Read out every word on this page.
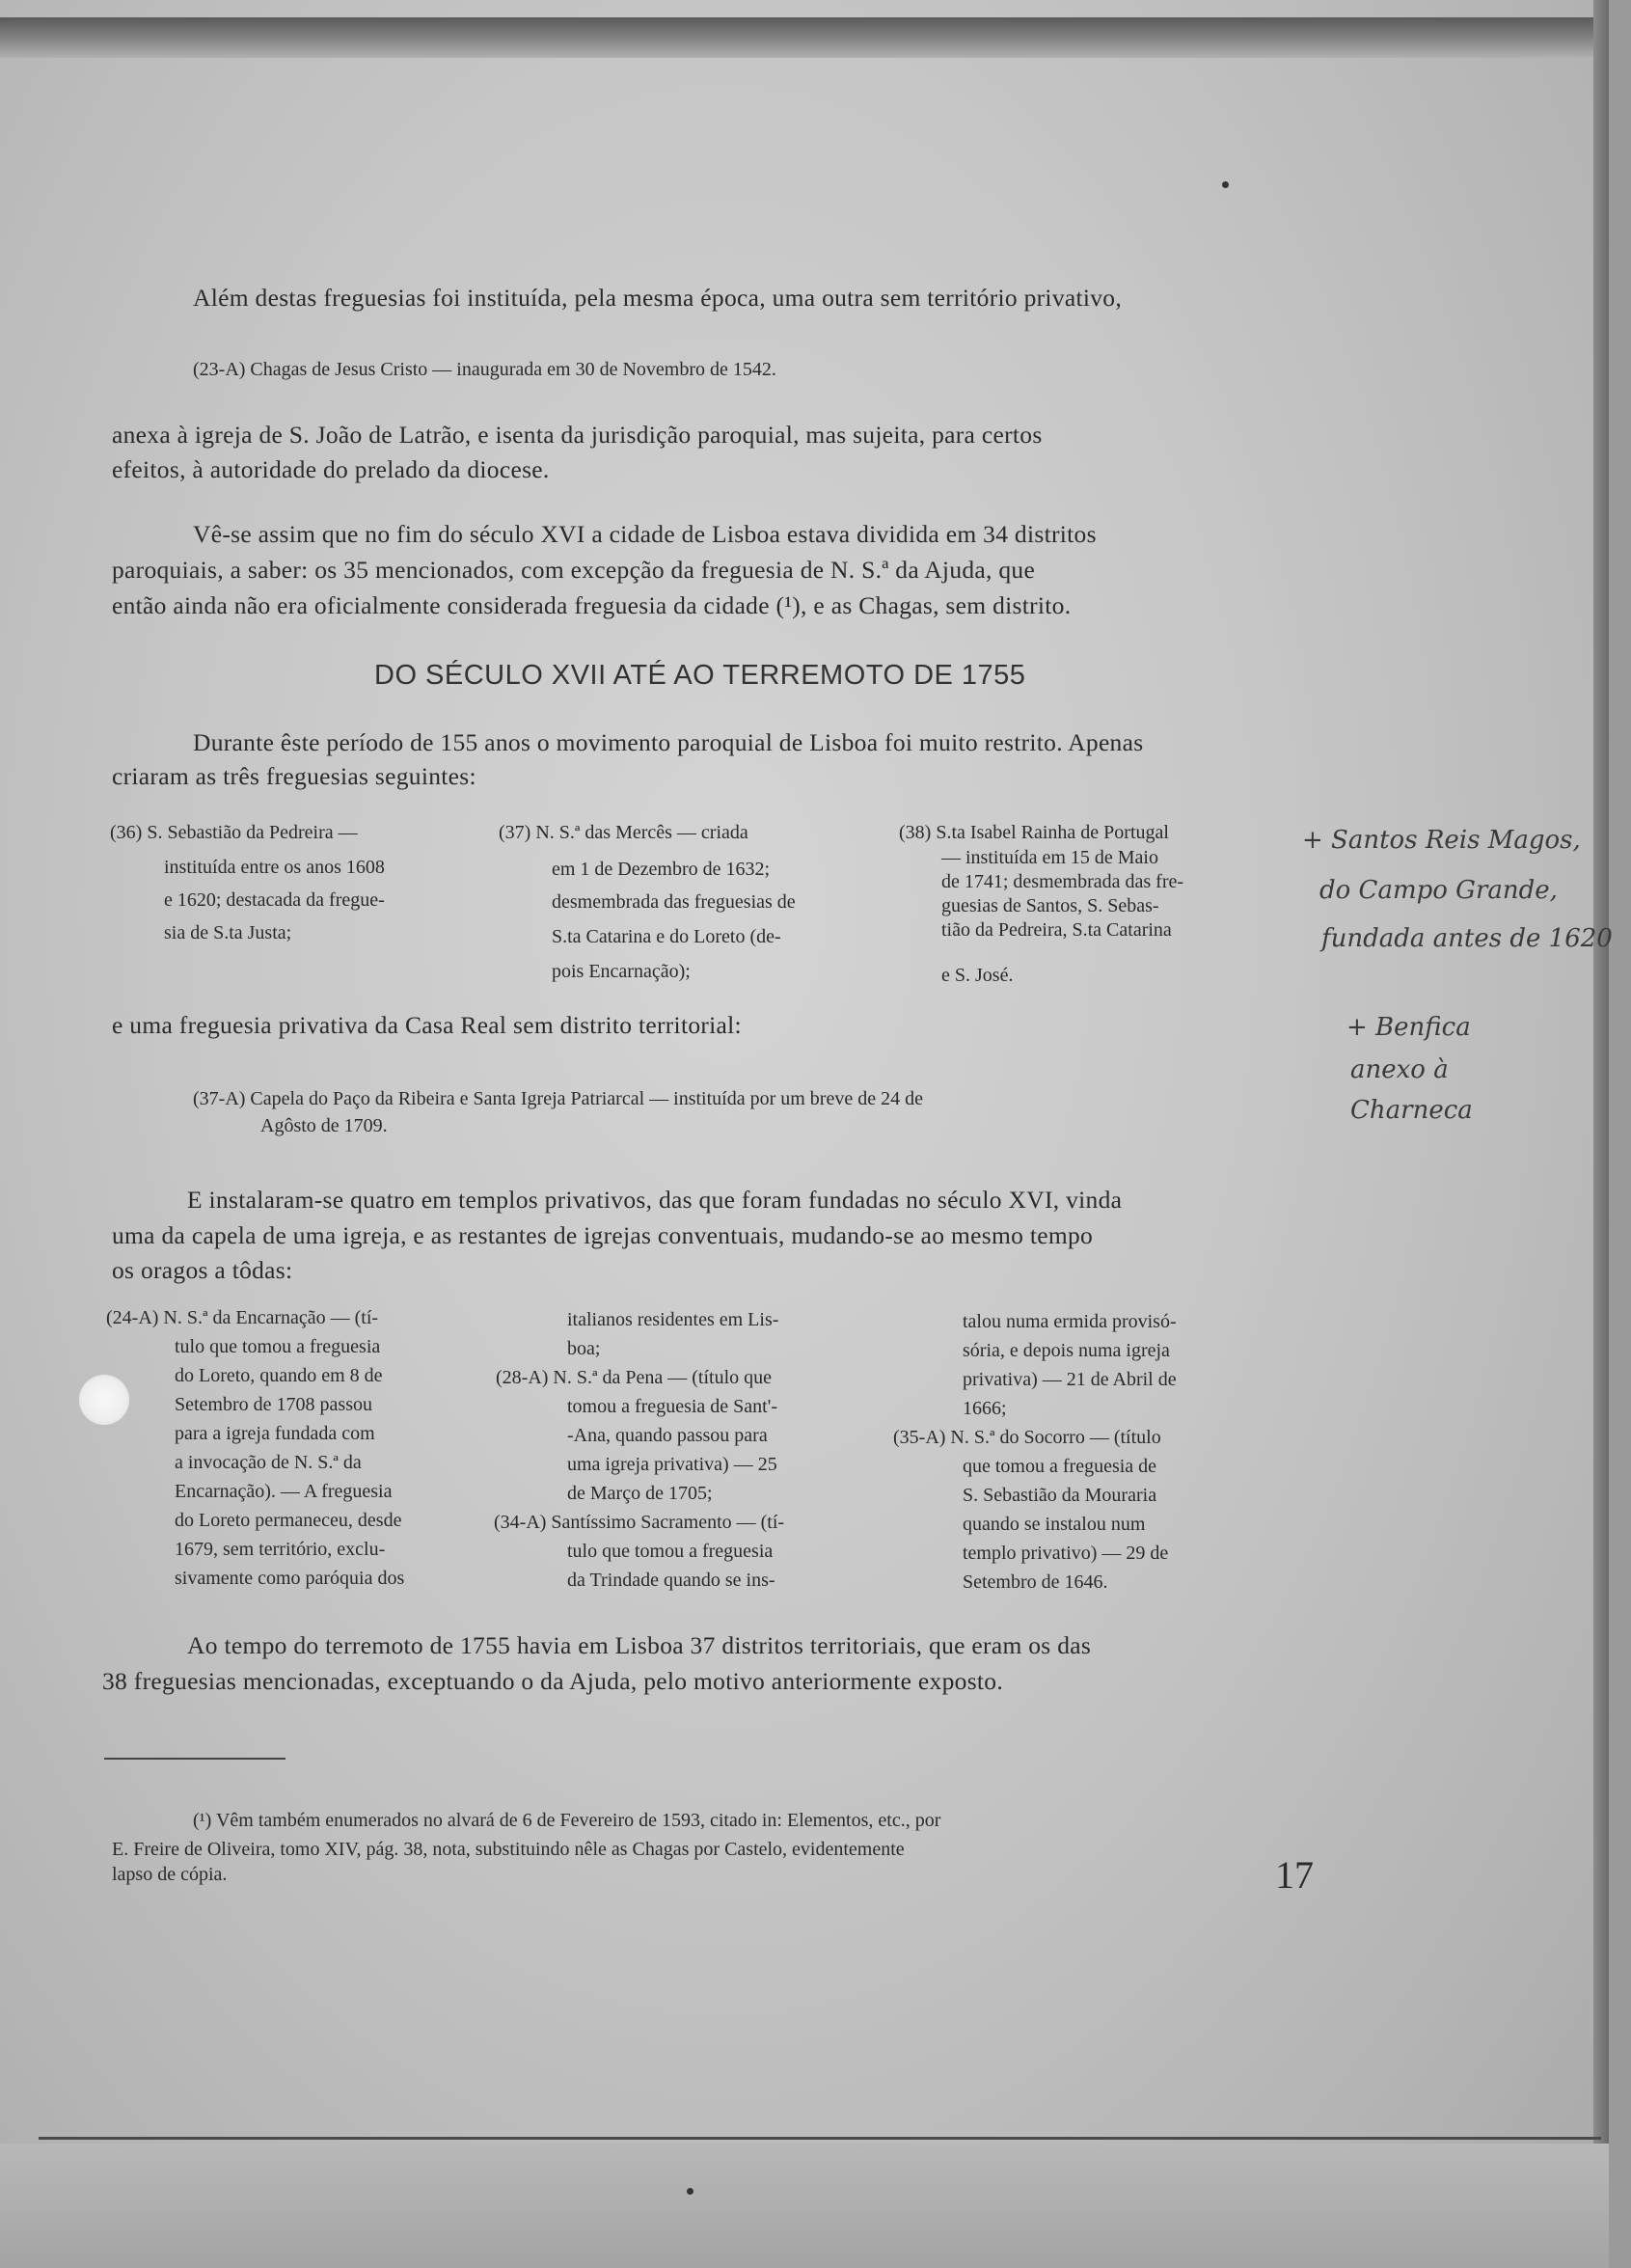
Além destas freguesias foi instituída, pela mesma época, uma outra sem território privativo,

(23-A) Chagas de Jesus Cristo — inaugurada em 30 de Novembro de 1542.

anexa à igreja de S. João de Latrão, e isenta da jurisdição paroquial, mas sujeita, para certos

efeitos, à autoridade do prelado da diocese.

Vê-se assim que no fim do século XVI a cidade de Lisboa estava dividida em 34 distritos

paroquiais, a saber: os 35 mencionados, com excepção da freguesia de N. S.ª da Ajuda, que

então ainda não era oficialmente considerada freguesia da cidade (¹), e as Chagas, sem distrito.

DO SÉCULO XVII ATÉ AO TERREMOTO DE 1755

Durante êste período de 155 anos o movimento paroquial de Lisboa foi muito restrito. Apenas

criaram as três freguesias seguintes:

(36) S. Sebastião da Pedreira —

instituída entre os anos 1608

e 1620; destacada da fregue-

sia de S.ta Justa;

(37) N. S.ª das Mercês — criada

em 1 de Dezembro de 1632;

desmembrada das freguesias de

S.ta Catarina e do Loreto (de-

pois Encarnação);

(38) S.ta Isabel Rainha de Portugal

— instituída em 15 de Maio

de 1741; desmembrada das fre-

guesias de Santos, S. Sebas-

tião da Pedreira, S.ta Catarina

e S. José.

e uma freguesia privativa da Casa Real sem distrito territorial:

(37-A) Capela do Paço da Ribeira e Santa Igreja Patriarcal — instituída por um breve de 24 de

Agôsto de 1709.

E instalaram-se quatro em templos privativos, das que foram fundadas no século XVI, vinda

uma da capela de uma igreja, e as restantes de igrejas conventuais, mudando-se ao mesmo tempo

os oragos a tôdas:

(24-A) N. S.ª da Encarnação — (tí-

tulo que tomou a freguesia

do Loreto, quando em 8 de

Setembro de 1708 passou

para a igreja fundada com

a invocação de N. S.ª da

Encarnação). — A freguesia

do Loreto permaneceu, desde

1679, sem território, exclu-

sivamente como paróquia dos

italianos residentes em Lis-

boa;

(28-A) N. S.ª da Pena — (título que

tomou a freguesia de Sant'-

-Ana, quando passou para

uma igreja privativa) — 25

de Março de 1705;

(34-A) Santíssimo Sacramento — (tí-

tulo que tomou a freguesia

da Trindade quando se ins-

talou numa ermida provisó-

sória, e depois numa igreja

privativa) — 21 de Abril de

1666;

(35-A) N. S.ª do Socorro — (título

que tomou a freguesia de

S. Sebastião da Mouraria

quando se instalou num

templo privativo) — 29 de

Setembro de 1646.

Ao tempo do terremoto de 1755 havia em Lisboa 37 distritos territoriais, que eram os das

38 freguesias mencionadas, exceptuando o da Ajuda, pelo motivo anteriormente exposto.

(¹) Vêm também enumerados no alvará de 6 de Fevereiro de 1593, citado in: Elementos, etc., por

E. Freire de Oliveira, tomo XIV, pág. 38, nota, substituindo nêle as Chagas por Castelo, evidentemente

lapso de cópia.	17

+ Santos Reis Magos,

do Campo Grande,

fundada antes de 1620

+ Benfica

anexo à

Charneca
